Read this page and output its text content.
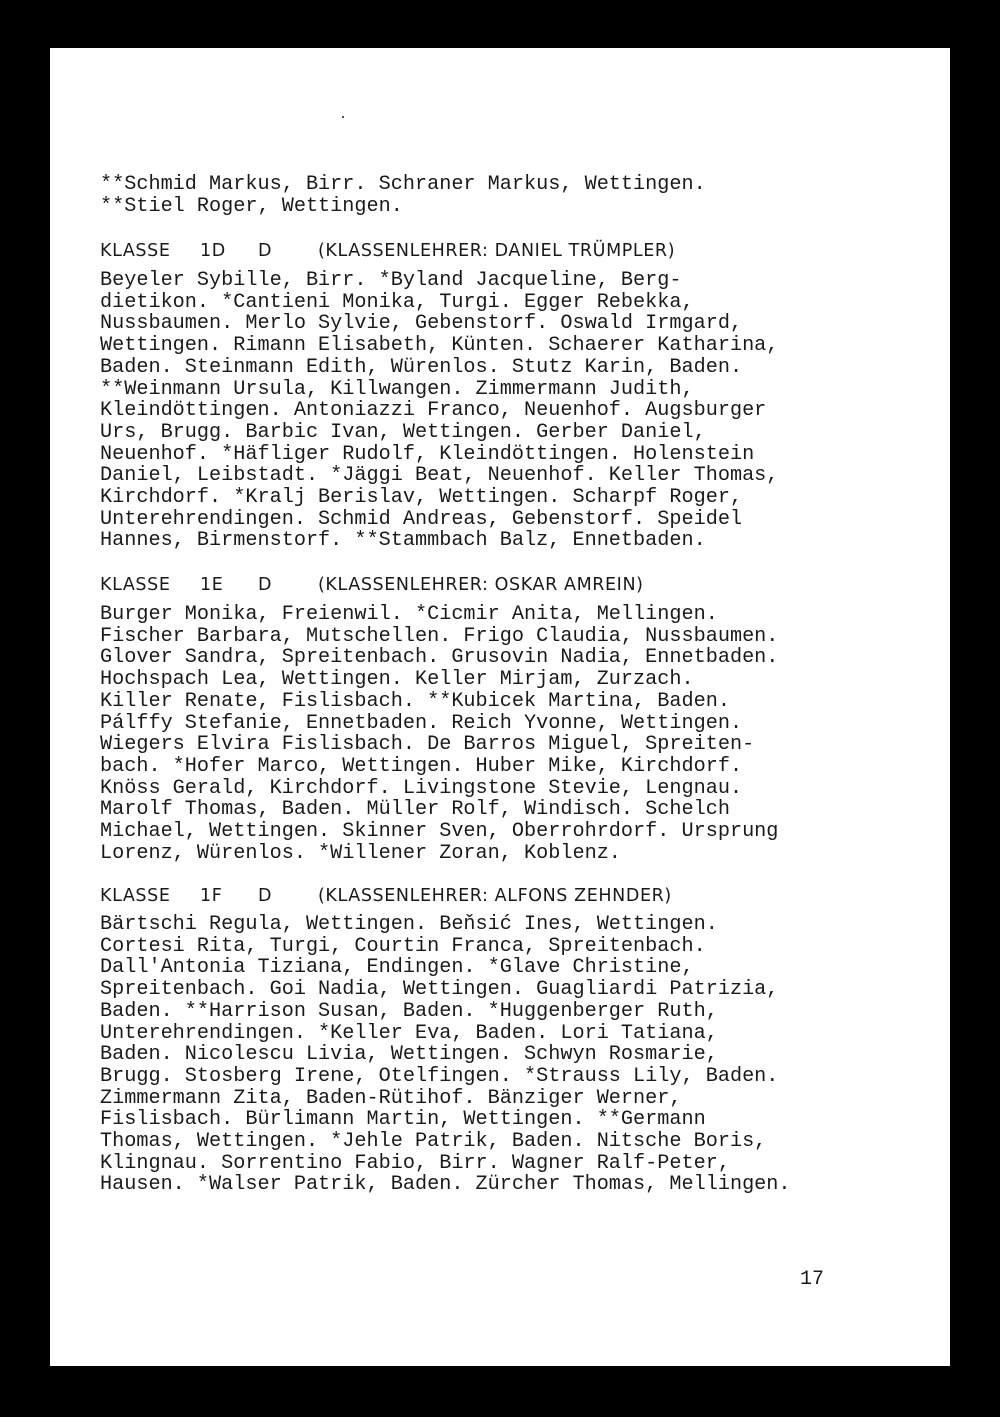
**Schmid Markus, Birr. Schraner Markus, Wettingen.
**Stiel Roger, Wettingen.
KLASSE 1D D	(KLASSENLEHRER: DANIEL TRÜMPLER)
Beyeler Sybille, Birr. *Byland Jacqueline, Berg-
dietikon. *Cantieni Monika, Turgi. Egger Rebekka,
Nussbaumen. Merlo Sylvie, Gebenstorf. Oswald Irmgard,
Wettingen. Rimann Elisabeth, Künten. Schaerer Katharina,
Baden. Steinmann Edith, Würenlos. Stutz Karin, Baden.
**Weinmann Ursula, Killwangen. Zimmermann Judith,
Kleindöttingen. Antoniazzi Franco, Neuenhof. Augsburger
Urs, Brugg. Barbic Ivan, Wettingen. Gerber Daniel,
Neuenhof. *Häfliger Rudolf, Kleindöttingen. Holenstein
Daniel, Leibstadt. *Jäggi Beat, Neuenhof. Keller Thomas,
Kirchdorf. *Kralj Berislav, Wettingen. Scharpf Roger,
Unterehrendingen. Schmid Andreas, Gebenstorf. Speidel
Hannes, Birmenstorf. **Stammbach Balz, Ennetbaden.
KLASSE 1E D	(KLASSENLEHRER: OSKAR AMREIN)
Burger Monika, Freienwil. *Cicmir Anita, Mellingen.
Fischer Barbara, Mutschellen. Frigo Claudia, Nussbaumen.
Glover Sandra, Spreitenbach. Grusovin Nadia, Ennetbaden.
Hochspach Lea, Wettingen. Keller Mirjam, Zurzach.
Killer Renate, Fislisbach. **Kubicek Martina, Baden.
Pálffy Stefanie, Ennetbaden. Reich Yvonne, Wettingen.
Wiegers Elvira Fislisbach. De Barros Miguel, Spreiten-
bach. *Hofer Marco, Wettingen. Huber Mike, Kirchdorf.
Knöss Gerald, Kirchdorf. Livingstone Stevie, Lengnau.
Marolf Thomas, Baden. Müller Rolf, Windisch. Schelch
Michael, Wettingen. Skinner Sven, Oberrohrdorf. Ursprung
Lorenz, Würenlos. *Willener Zoran, Koblenz.
KLASSE 1F D	(KLASSENLEHRER: ALFONS ZEHNDER)
Bärtschi Regula, Wettingen. Beňsić Ines, Wettingen.
Cortesi Rita, Turgi, Courtin Franca, Spreitenbach.
Dall'Antonia Tiziana, Endingen. *Glave Christine,
Spreitenbach. Goi Nadia, Wettingen. Guagliardi Patrizia,
Baden. **Harrison Susan, Baden. *Huggenberger Ruth,
Unterehrendingen. *Keller Eva, Baden. Lori Tatiana,
Baden. Nicolescu Livia, Wettingen. Schwyn Rosmarie,
Brugg. Stosberg Irene, Otelfingen. *Strauss Lily, Baden.
Zimmermann Zita, Baden-Rütihof. Bänziger Werner,
Fislisbach. Bürlimann Martin, Wettingen. **Germann
Thomas, Wettingen. *Jehle Patrik, Baden. Nitsche Boris,
Klingnau. Sorrentino Fabio, Birr. Wagner Ralf-Peter,
Hausen. *Walser Patrik, Baden. Zürcher Thomas, Mellingen.
17
